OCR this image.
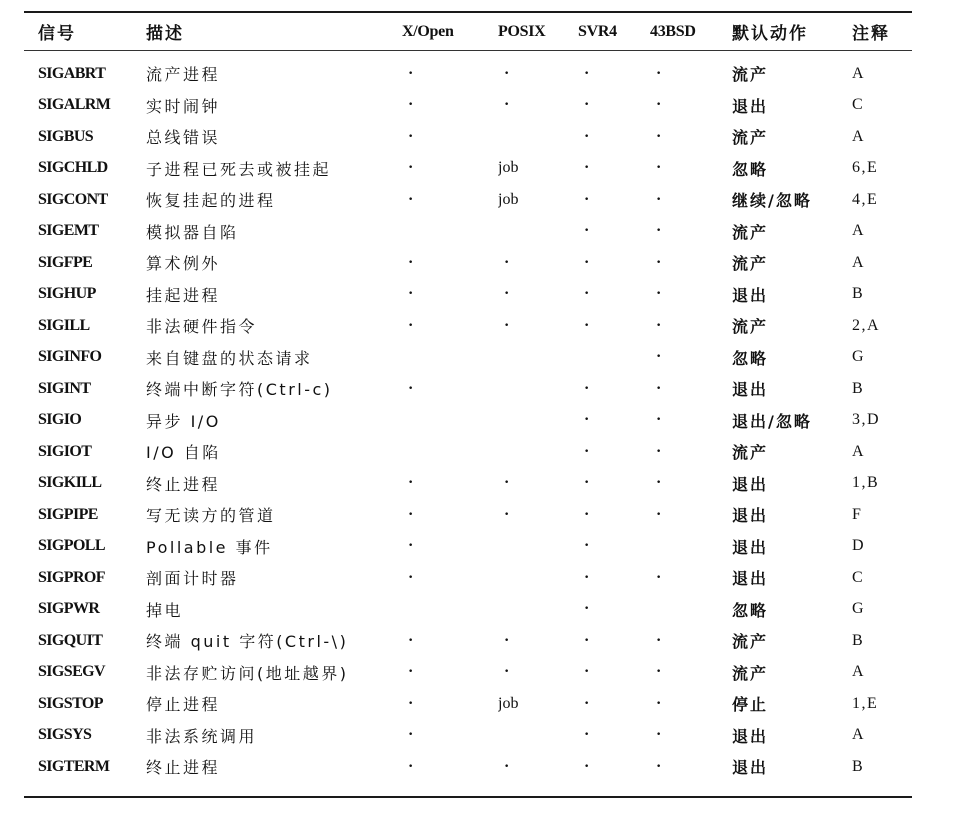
信号	描述	X/Open	POSIX	SVR4	43BSD	默认动作	注释
SIGABRT	流产进程	·	·	·	·	流产	A
SIGALRM	实时闹钟	·	·	·	·	退出	C
SIGBUS	总线错误	·		·	·	流产	A
SIGCHLD	子进程已死去或被挂起	·	job	·	·	忽略	6,E
SIGCONT	恢复挂起的进程	·	job	·	·	继续/忽略	4,E
SIGEMT	模拟器自陷			·	·	流产	A
SIGFPE	算术例外	·	·	·	·	流产	A
SIGHUP	挂起进程	·	·	·	·	退出	B
SIGILL	非法硬件指令	·	·	·	·	流产	2,A
SIGINFO	来自键盘的状态请求				·	忽略	G
SIGINT	终端中断字符(Ctrl-c)	·		·	·	退出	B
SIGIO	异步 I/O			·	·	退出/忽略	3,D
SIGIOT	I/O 自陷			·	·	流产	A
SIGKILL	终止进程	·	·	·	·	退出	1,B
SIGPIPE	写无读方的管道	·	·	·	·	退出	F
SIGPOLL	Pollable 事件	·		·		退出	D
SIGPROF	剖面计时器	·		·	·	退出	C
SIGPWR	掉电			·		忽略	G
SIGQUIT	终端 quit 字符(Ctrl-\)	·	·	·	·	流产	B
SIGSEGV	非法存贮访问(地址越界)	·	·	·	·	流产	A
SIGSTOP	停止进程	·	job	·	·	停止	1,E
SIGSYS	非法系统调用	·		·	·	退出	A
SIGTERM	终止进程	·	·	·	·	退出	B
